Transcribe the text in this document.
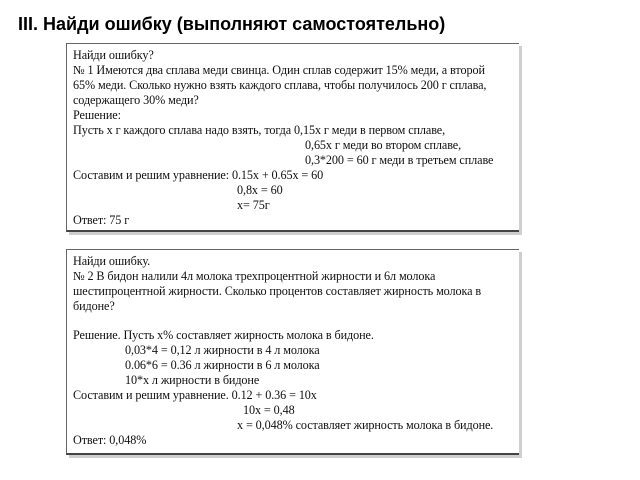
III. Найди ошибку (выполняют самостоятельно)
Найди ошибку?
№ 1 Имеются два сплава меди свинца. Один сплав содержит 15% меди, а второй
65% меди. Сколько нужно взять каждого сплава, чтобы получилось 200 г сплава,
содержащего 30% меди?
Решение:
Пусть х г каждого сплава надо взять, тогда 0,15х г меди в первом сплаве,
0,65х г меди во втором сплаве,
0,3*200 = 60 г меди в третьем сплаве
Составим и решим уравнение: 0.15х + 0.65х = 60
0,8х = 60
х= 75г
Ответ: 75 г
Найди ошибку.
№ 2 В бидон налили 4л молока трехпроцентной жирности и 6л молока
шестипроцентной жирности. Сколько процентов составляет жирность молока в
бидоне?
Решение. Пусть х% составляет жирность молока в бидоне.
0,03*4 = 0,12 л жирности в 4 л молока
0.06*6 = 0.36 л жирности в 6 л молока
10*х л жирности в бидоне
Составим и решим уравнение. 0.12 + 0.36 = 10х
10х = 0,48
х = 0,048% составляет жирность молока в бидоне.
Ответ: 0,048%
